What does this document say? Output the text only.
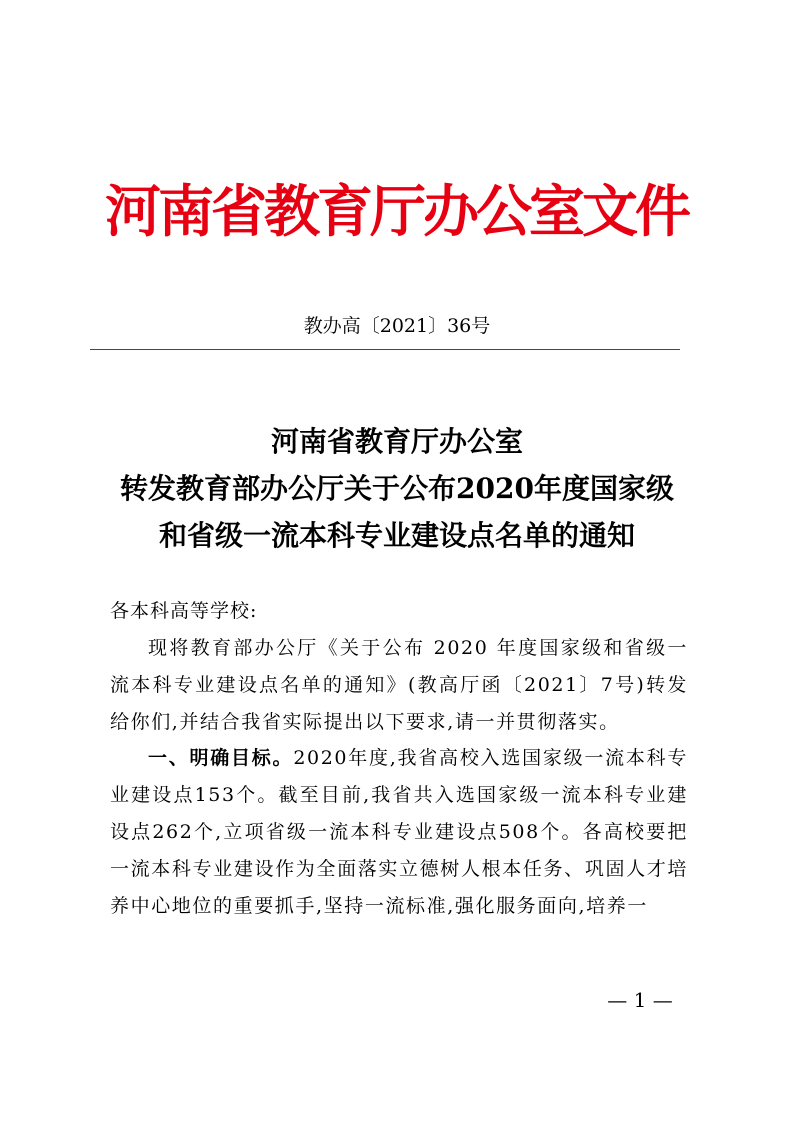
河南省教育厅办公室文件
教办高〔2021〕36号
河南省教育厅办公室
转发教育部办公厅关于公布2020年度国家级
和省级一流本科专业建设点名单的通知
各本科高等学校:

现将教育部办公厅《关于公布 2020 年度国家级和省级一流本科专业建设点名单的通知》(教高厅函〔2021〕7号)转发给你们,并结合我省实际提出以下要求,请一并贯彻落实。

一、明确目标。2020年度,我省高校入选国家级一流本科专业建设点153个。截至目前,我省共入选国家级一流本科专业建设点262个,立项省级一流本科专业建设点508个。各高校要把一流本科专业建设作为全面落实立德树人根本任务、巩固人才培养中心地位的重要抓手,坚持一流标准,强化服务面向,培养一

— 1 —
